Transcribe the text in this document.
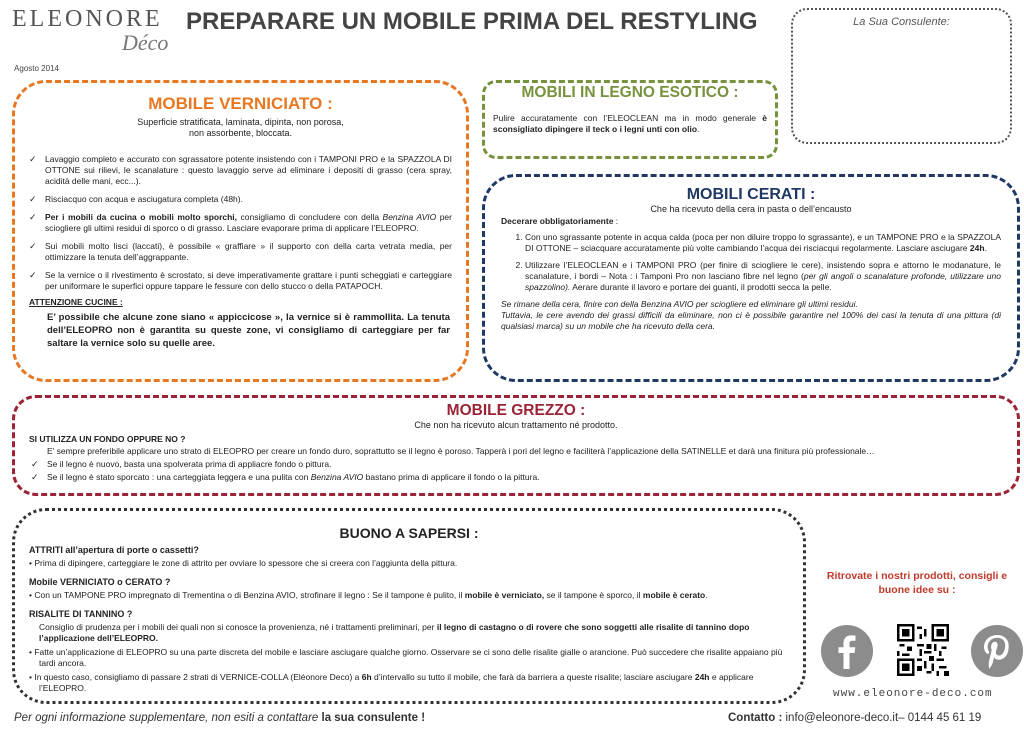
ELEONORE
Déco
Agosto 2014
PREPARARE UN MOBILE PRIMA DEL RESTYLING	La Sua Consulente:
MOBILE VERNICIATO :
Superficie stratificata, laminata, dipinta, non porosa,
non assorbente, bloccata.
✓ Lavaggio completo e accurato con sgrassatore potente insistendo con i TAMPONI PRO e la SPAZZOLA DI OTTONE sui rilievi, le scanalature : questo lavaggio serve ad eliminare i depositi di grasso (cera spray, acidità delle mani, ecc...).
✓ Risciacquo con acqua e asciugatura completa (48h).
✓ Per i mobili da cucina o mobili molto sporchi, consigliamo di concludere con della Benzina AVIO per sciogliere gli ultimi residui di sporco o di grasso. Lasciare evaporare prima di applicare l’ELEOPRO.
✓ Sui mobili molto lisci (laccati), è possibile « graffiare » il supporto con della carta vetrata media, per ottimizzare la tenuta dell’aggrappante.
✓ Se la vernice o il rivestimento è scrostato, si deve imperativamente grattare i punti scheggiati e carteggiare per uniformare le superfici oppure tappare le fessure con dello stucco o della PATAPOCH.
ATTENZIONE CUCINE :
E’ possibile che alcune zone siano « appiccicose », la vernice si è rammollita. La tenuta dell’ELEOPRO non è garantita su queste zone, vi consigliamo di carteggiare per far saltare la vernice solo su quelle aree.
MOBILI IN LEGNO ESOTICO :
Pulire accuratamente con l’ELEOCLEAN ma in modo generale è sconsigliato dipingere il teck o i legni unti con olio.
MOBILI CERATI :
Che ha ricevuto della cera in pasta o dell’encausto
Decerare obbligatoriamente :
1. Con uno sgrassante potente in acqua calda (poca per non diluire troppo lo sgrassante), e un TAMPONE PRO e la SPAZZOLA DI OTTONE – sciacquare accuratamente più volte cambiando l’acqua dei risciacqui regolarmente. Lasciare asciugare 24h.
2. Utilizzare l’ELEOCLEAN e i TAMPONI PRO (per finire di sciogliere le cere), insistendo sopra e attorno le modanature, le scanalature, i bordi – Nota : i Tamponi Pro non lasciano fibre nel legno (per gli angoli o scanalature profonde, utilizzare uno spazzolino). Aerare durante il lavoro e portare dei guanti, il prodotti secca la pelle.
Se rimane della cera, finire con della Benzina AVIO per sciogliere ed eliminare gli ultimi residui.
Tuttavia, le cere avendo dei grassi difficili da eliminare, non ci è possibile garantire nel 100% dei casi la tenuta di una pittura (di qualsiasi marca) su un mobile che ha ricevuto della cera.
MOBILE GREZZO :
Che non ha ricevuto alcun trattamento né prodotto.
SI UTILIZZA UN FONDO OPPURE NO ?
E’ sempre preferibile applicare uno strato di ELEOPRO per creare un fondo duro, soprattutto se il legno è poroso. Tapperà i pori del legno e faciliterà l’applicazione della SATINELLE et darà una finitura più professionale…
✓ Se il legno è nuovo, basta una spolverata prima di appliacre fondo o pittura.
✓ Se il legno è stato sporcato : una carteggiata leggera e una pulita con Benzina AVIO bastano prima di applicare il fondo o la pittura.
BUONO A SAPERSI :
ATTRITI all’apertura di porte o cassetti?
• Prima di dipingere, carteggiare le zone di attrito per ovviare lo spessore che si creera con l’aggiunta della pittura.
Mobile VERNICIATO o CERATO ?
• Con un TAMPONE PRO impregnato di Trementina o di Benzina AVIO, strofinare il legno : Se il tampone è pulito, il mobile è verniciato, se il tampone è sporco, il mobile è cerato.
RISALITE DI TANNINO ?
Consiglio di prudenza per i mobili dei quali non si conosce la provenienza, né i trattamenti preliminari, per il legno di castagno o di rovere che sono soggetti alle risalite di tannino dopo l’applicazione dell’ELEOPRO.
• Fatte un’applicazione di ELEOPRO su una parte discreta del mobile e lasciare asciugare qualche giorno. Osservare se ci sono delle risalite gialle o arancione. Può succedere che risalite appaiano più tardi ancora.
• In questo caso, consigliamo di passare 2 strati di VERNICE-COLLA (Eléonore Deco) a 6h d’intervallo su tutto il mobile, che farà da barriera a queste risalite; lasciare asciugare 24h e applicare l’ELEOPRO.
Ritrovate i nostri prodotti, consigli e buone idee su :
www.eleonore-deco.com
Per ogni informazione supplementare, non esiti a contattare la sua consulente !	Contatto : info@eleonore-deco.it– 0144 45 61 19
